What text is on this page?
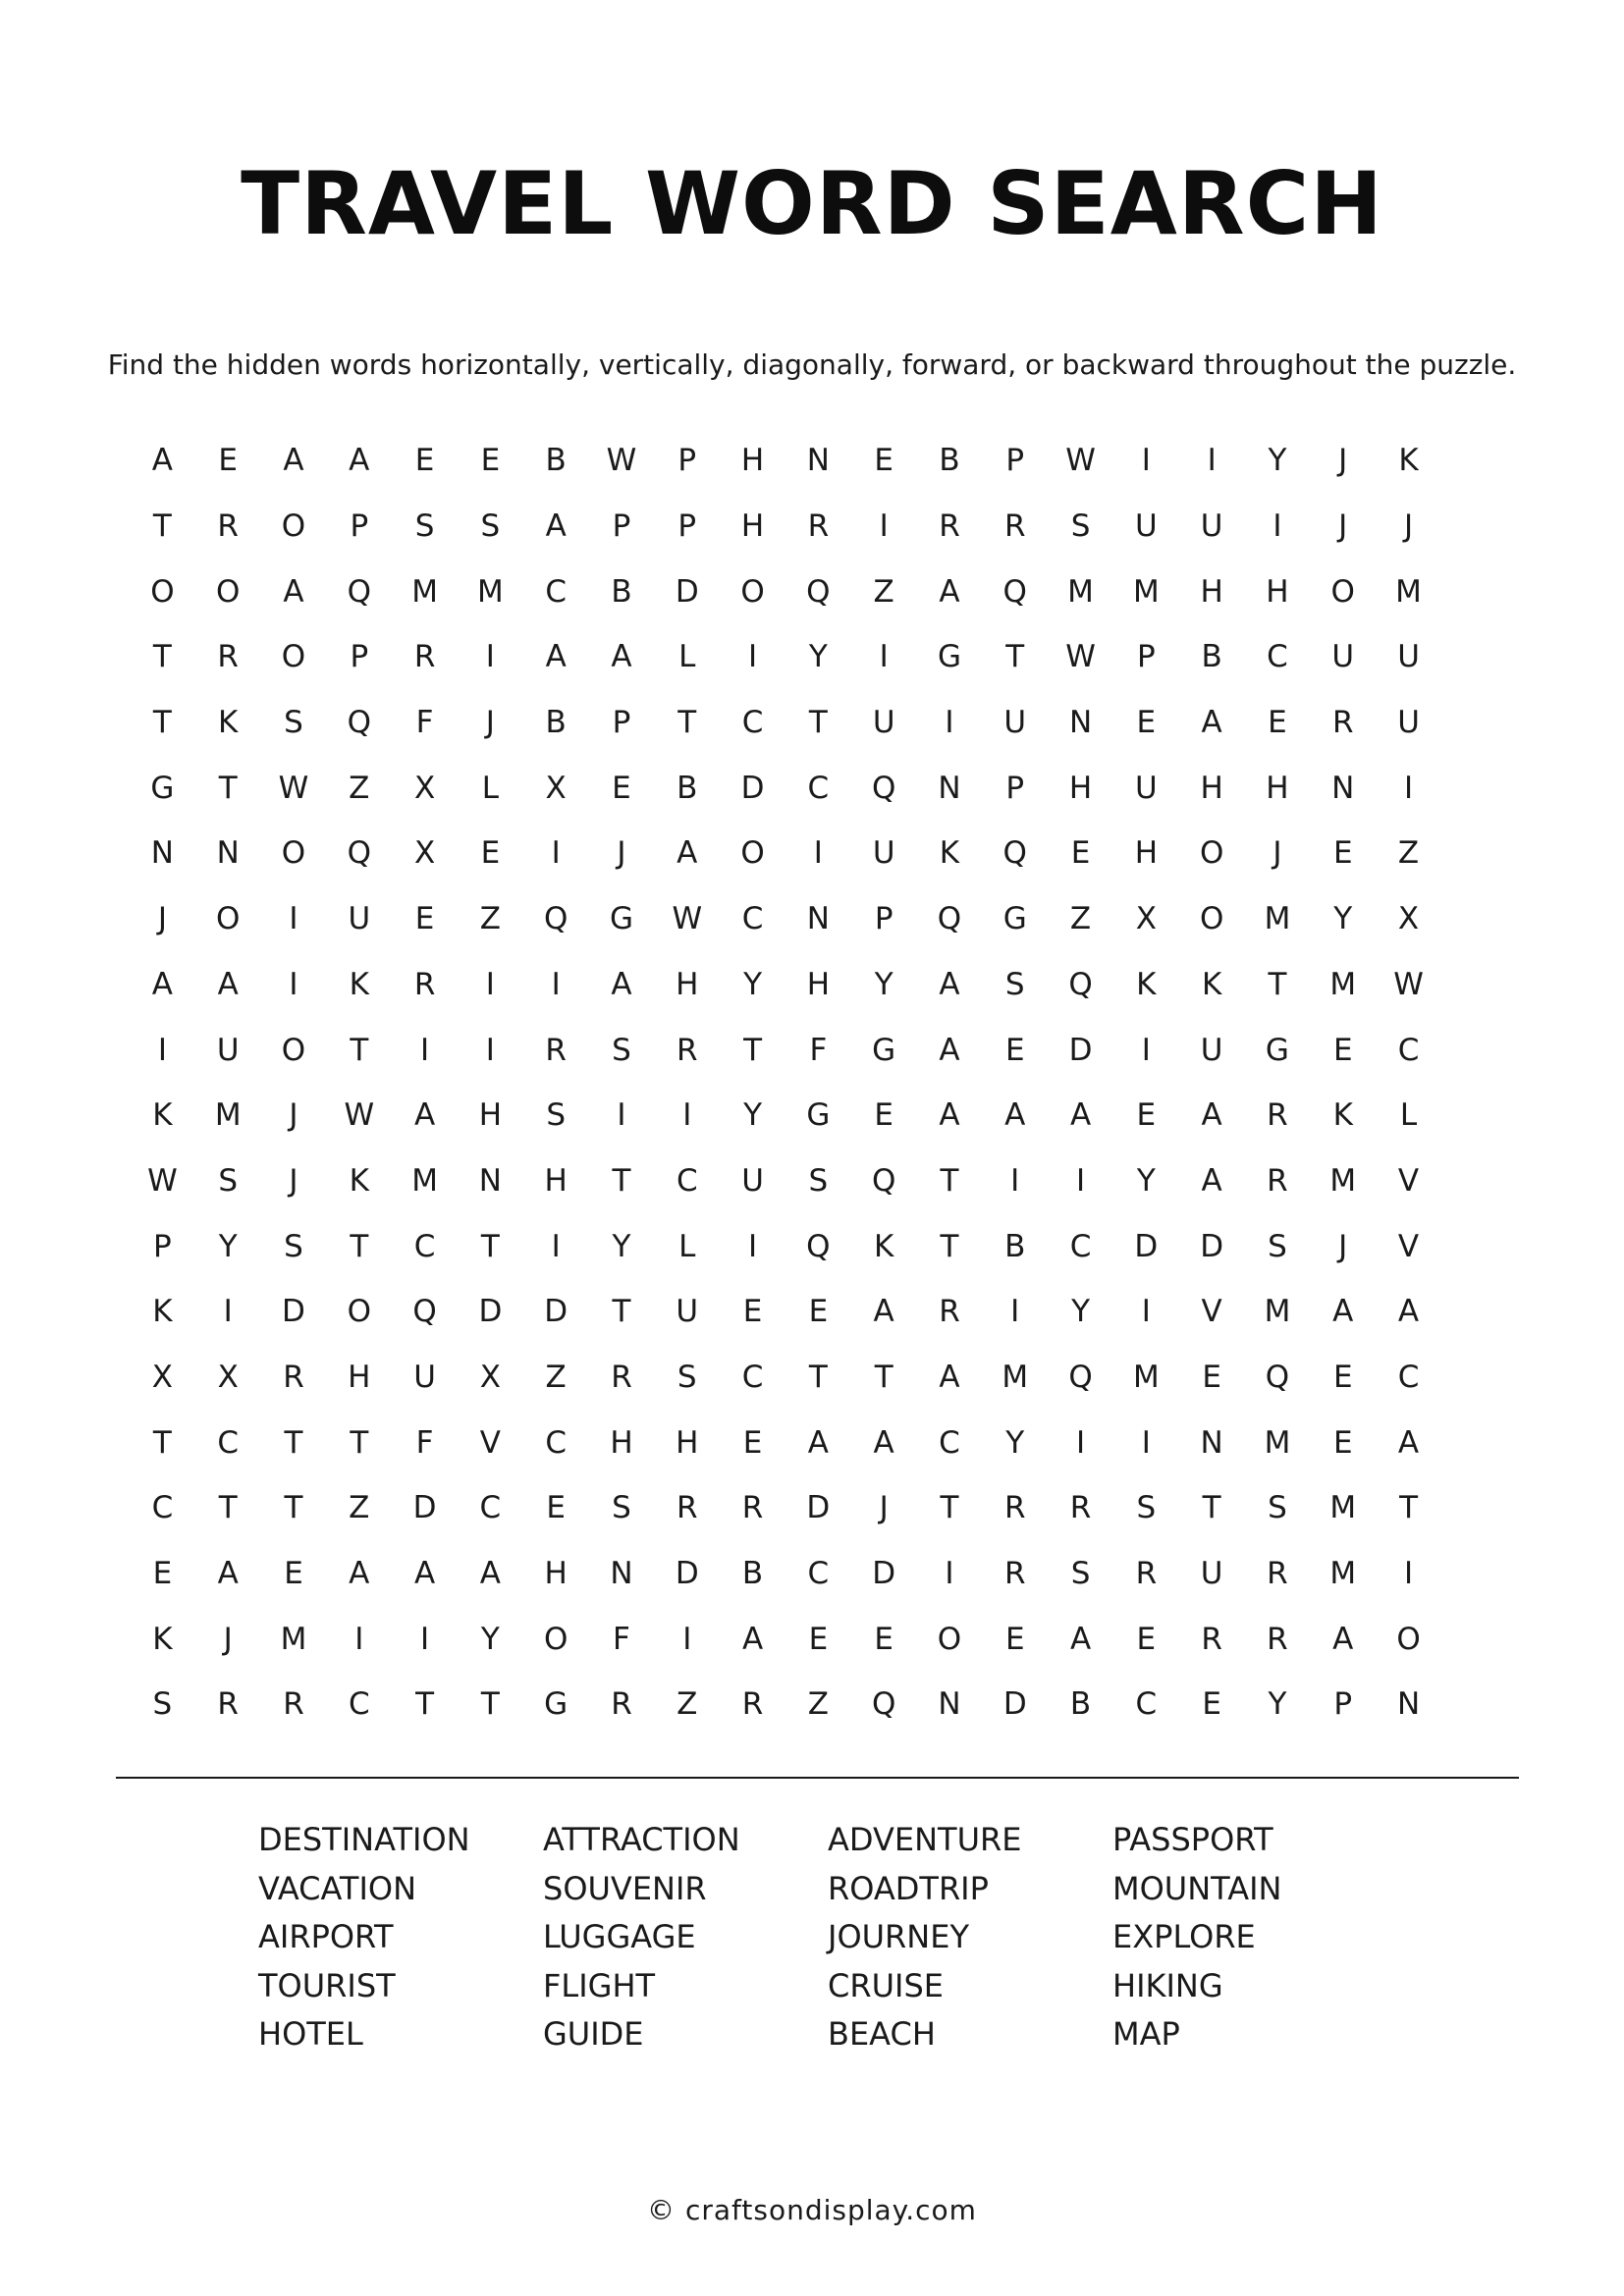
TRAVEL WORD SEARCH
Find the hidden words horizontally, vertically, diagonally, forward, or backward throughout the puzzle.
A	E	A	A	E	E	B	W	P	H	N	E	B	P	W	I	I	Y	J	K
T	R	O	P	S	S	A	P	P	H	R	I	R	R	S	U	U	I	J	J
O	O	A	Q	M	M	C	B	D	O	Q	Z	A	Q	M	M	H	H	O	M
T	R	O	P	R	I	A	A	L	I	Y	I	G	T	W	P	B	C	U	U
T	K	S	Q	F	J	B	P	T	C	T	U	I	U	N	E	A	E	R	U
G	T	W	Z	X	L	X	E	B	D	C	Q	N	P	H	U	H	H	N	I
N	N	O	Q	X	E	I	J	A	O	I	U	K	Q	E	H	O	J	E	Z
J	O	I	U	E	Z	Q	G	W	C	N	P	Q	G	Z	X	O	M	Y	X
A	A	I	K	R	I	I	A	H	Y	H	Y	A	S	Q	K	K	T	M	W
I	U	O	T	I	I	R	S	R	T	F	G	A	E	D	I	U	G	E	C
K	M	J	W	A	H	S	I	I	Y	G	E	A	A	A	E	A	R	K	L
W	S	J	K	M	N	H	T	C	U	S	Q	T	I	I	Y	A	R	M	V
P	Y	S	T	C	T	I	Y	L	I	Q	K	T	B	C	D	D	S	J	V
K	I	D	O	Q	D	D	T	U	E	E	A	R	I	Y	I	V	M	A	A
X	X	R	H	U	X	Z	R	S	C	T	T	A	M	Q	M	E	Q	E	C
T	C	T	T	F	V	C	H	H	E	A	A	C	Y	I	I	N	M	E	A
C	T	T	Z	D	C	E	S	R	R	D	J	T	R	R	S	T	S	M	T
E	A	E	A	A	A	H	N	D	B	C	D	I	R	S	R	U	R	M	I
K	J	M	I	I	Y	O	F	I	A	E	E	O	E	A	E	R	R	A	O
S	R	R	C	T	T	G	R	Z	R	Z	Q	N	D	B	C	E	Y	P	N
DESTINATION	ATTRACTION	ADVENTURE	PASSPORT
VACATION	SOUVENIR	ROADTRIP	MOUNTAIN
AIRPORT	LUGGAGE	JOURNEY	EXPLORE
TOURIST	FLIGHT	CRUISE	HIKING
HOTEL	GUIDE	BEACH	MAP
© craftsondisplay.com
